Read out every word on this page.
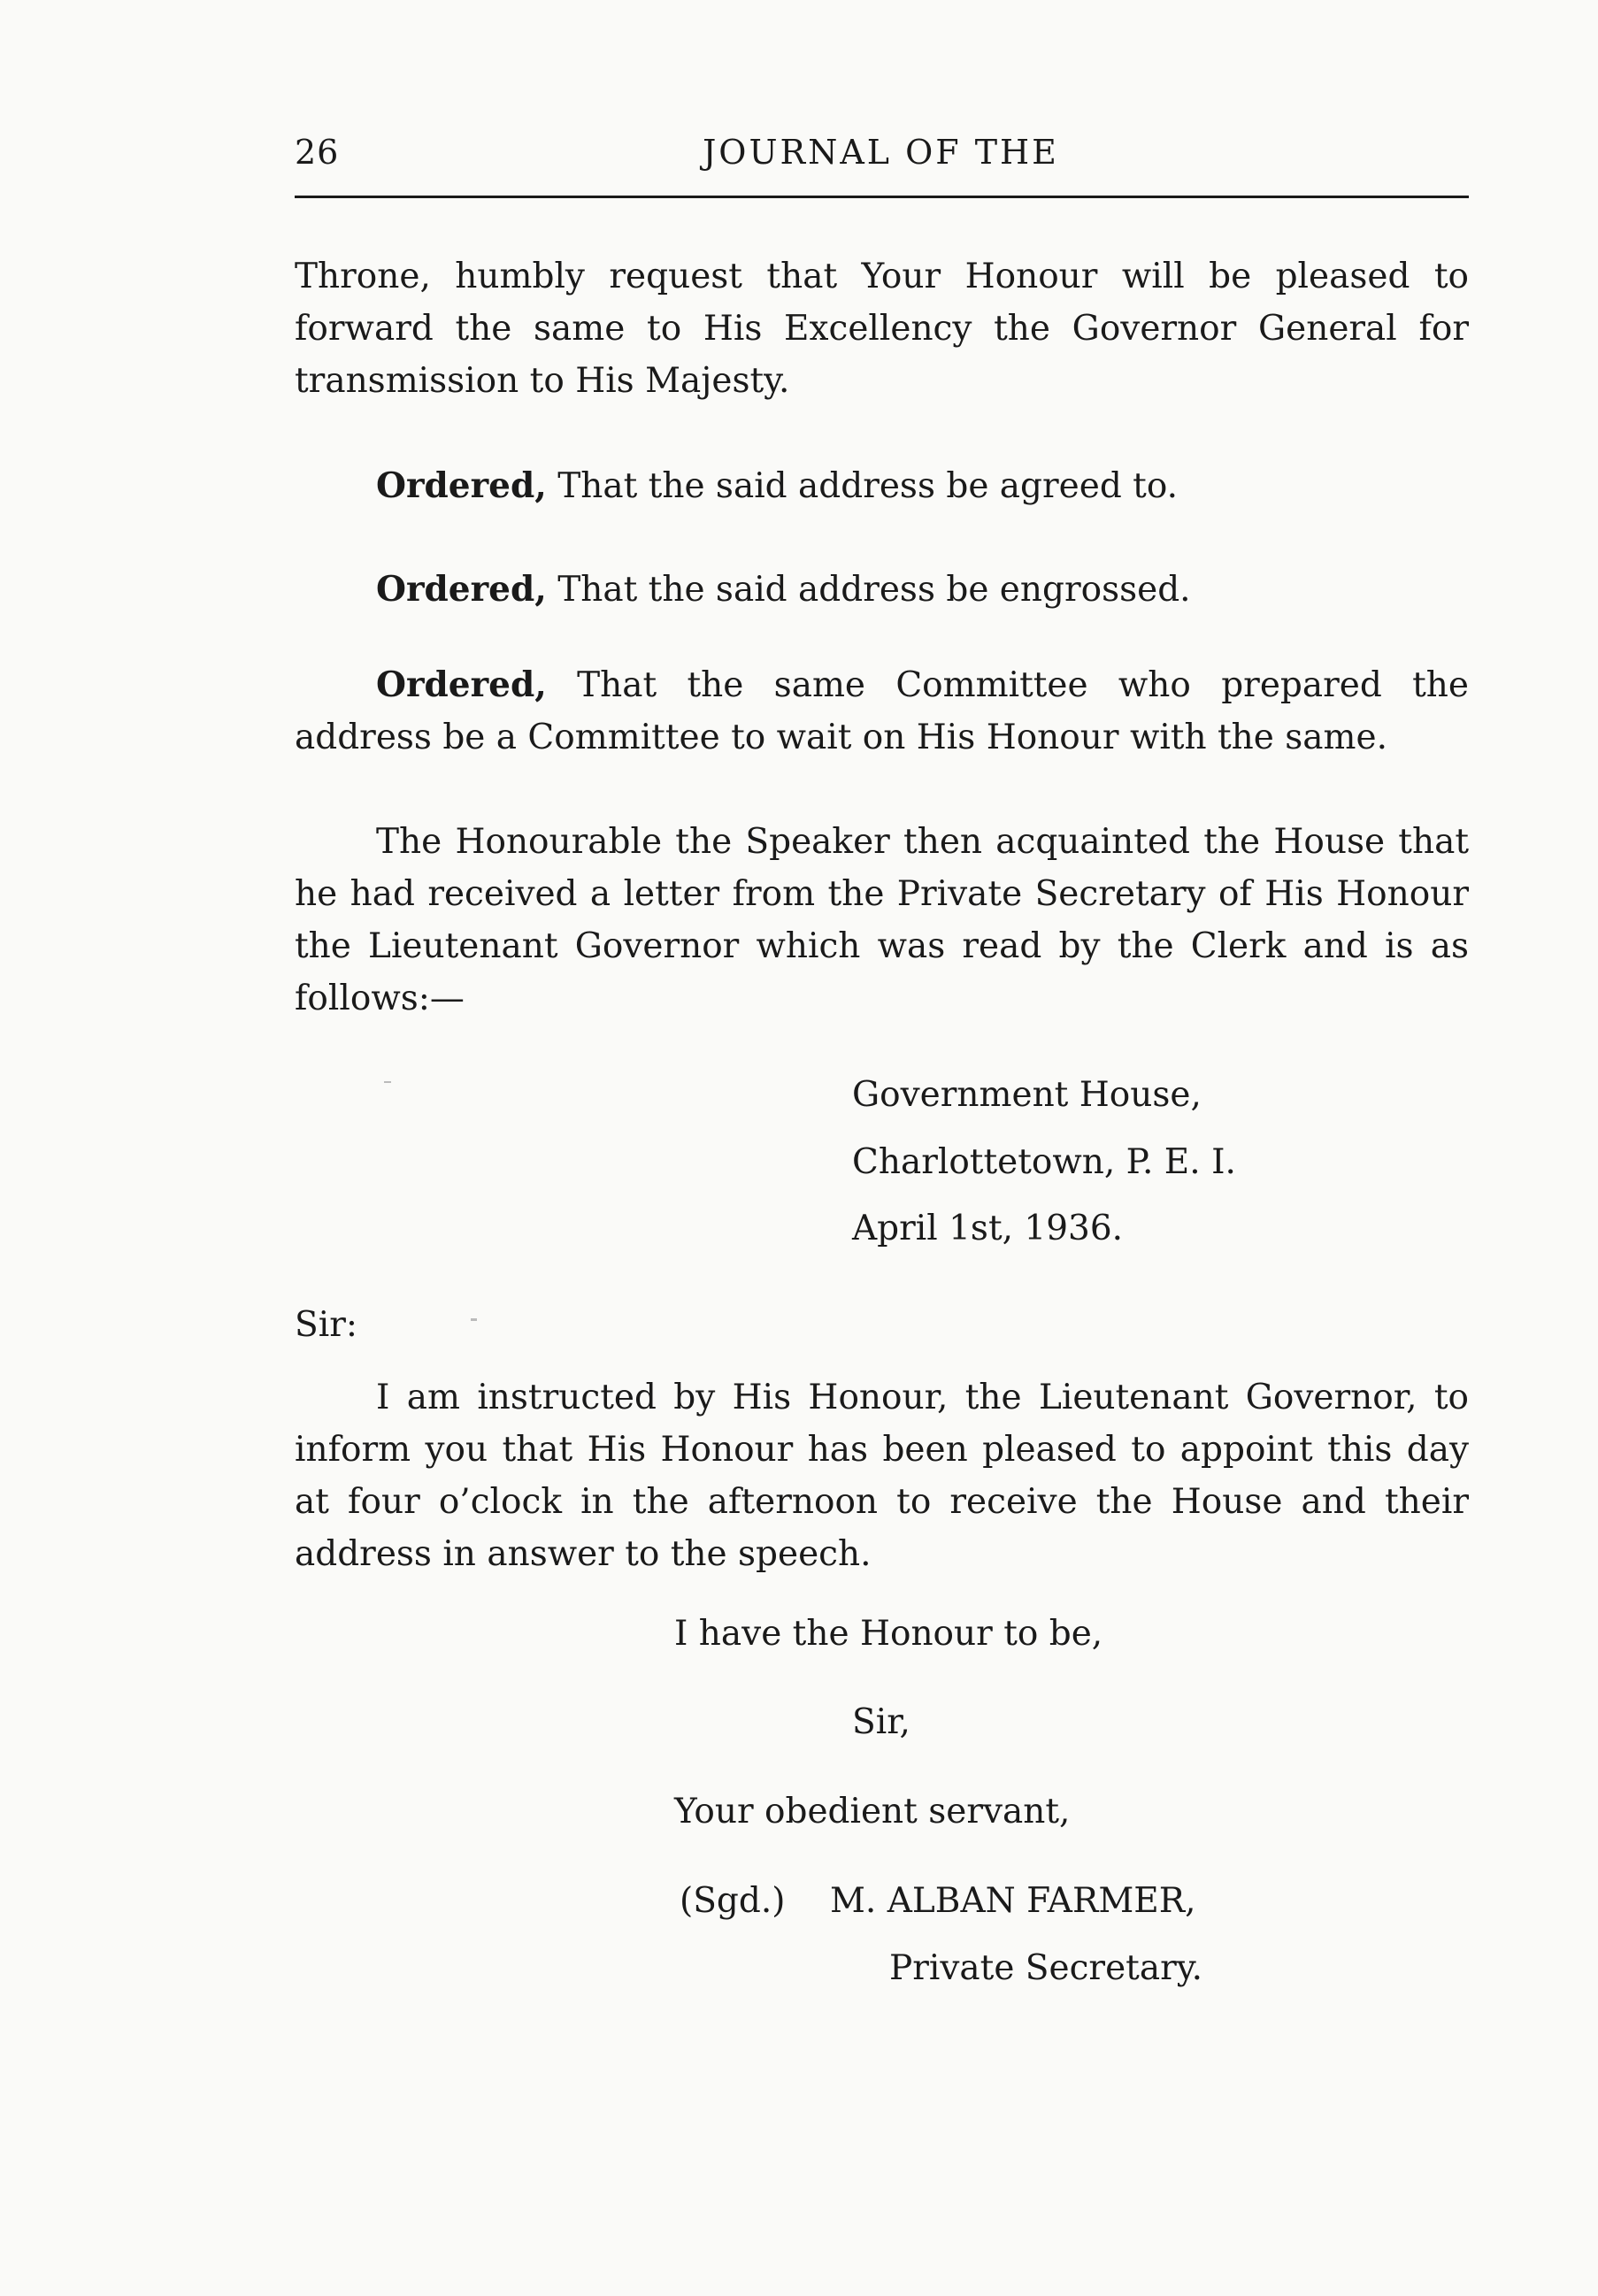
26	JOURNAL OF THE

Throne, humbly request that Your Honour will be pleased to forward the same to His Excellency the Governor General for transmission to His Majesty.

Ordered, That the said address be agreed to.

Ordered, That the said address be engrossed.

Ordered, That the same Committee who prepared the address be a Committee to wait on His Honour with the same.

The Honourable the Speaker then acquainted the House that he had received a letter from the Private Secretary of His Honour the Lieutenant Governor which was read by the Clerk and is as follows:—

Government House,
Charlottetown, P. E. I.
April 1st, 1936.
Sir:

I am instructed by His Honour, the Lieutenant Governor, to inform you that His Honour has been pleased to appoint this day at four o’clock in the afternoon to receive the House and their address in answer to the speech.

I have the Honour to be,
Sir,
Your obedient servant,
(Sgd.) M. ALBAN FARMER,
Private Secretary.
